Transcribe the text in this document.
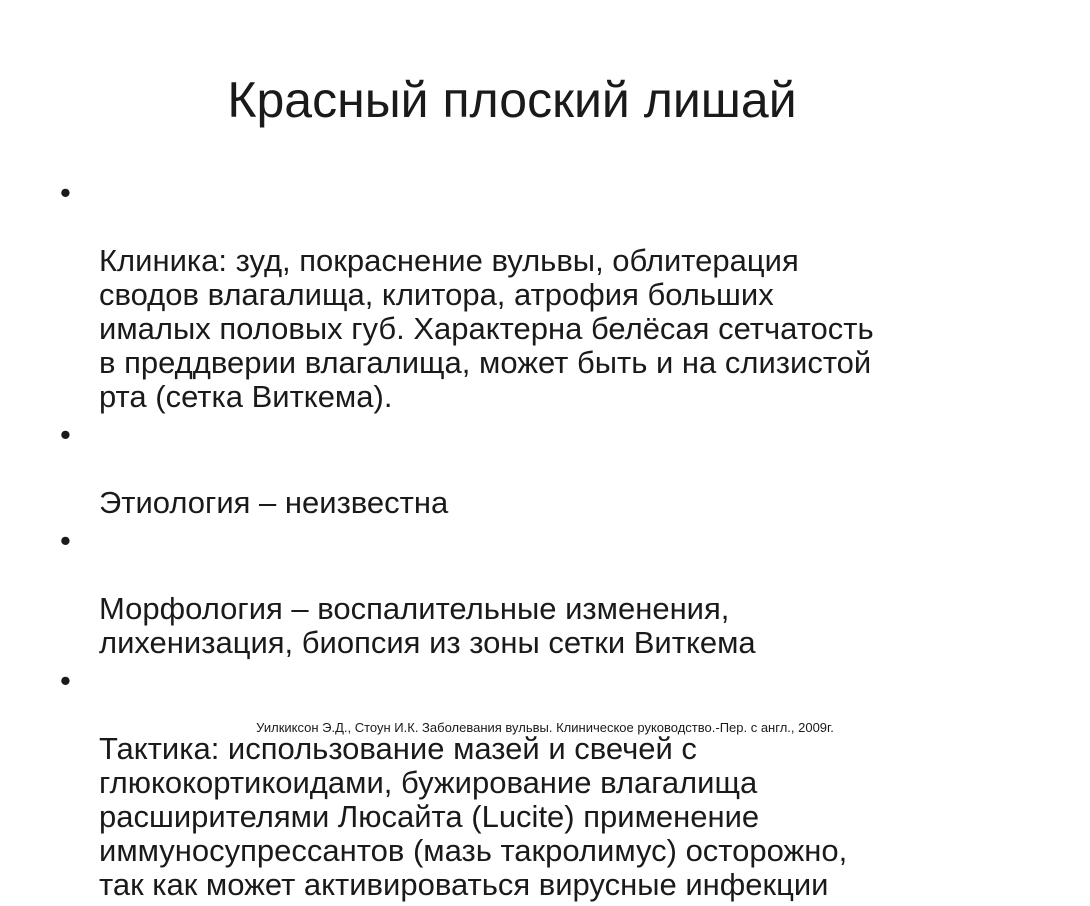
Красный плоский лишай

•

Клиника: зуд, покраснение вульвы, облитерация
сводов влагалища, клитора, атрофия больших
ималых половых губ. Характерна белёсая сетчатость
в преддверии влагалища, может быть и на слизистой
рта (сетка Виткема).

•

Этиология – неизвестна

•

Морфология – воспалительные изменения,
лихенизация, биопсия из зоны сетки Виткема

•

Тактика: использование мазей и свечей с
глюкокортикоидами, бужирование влагалища
расширителями Люсайта (Lucite) применение
иммуносупрессантов (мазь такролимус) осторожно,
так как может активироваться вирусные инфекции

Уилкиксон Э.Д., Стоун И.К. Заболевания вульвы. Клиническое руководство.-Пер. с англ., 2009г.
